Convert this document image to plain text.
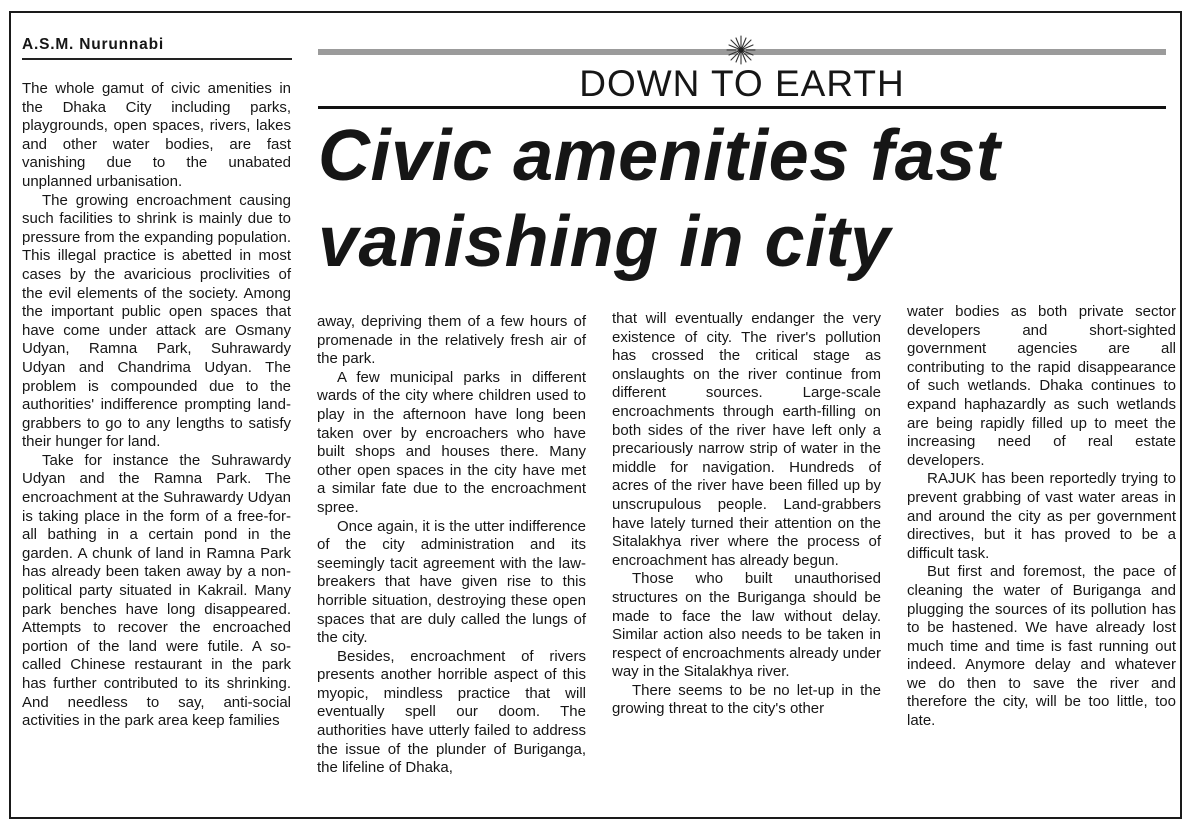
A.S.M. Nurunnabi
DOWN TO EARTH
Civic amenities fast
vanishing in city

The whole gamut of civic amenities in the Dhaka City including parks, playgrounds, open spaces, rivers, lakes and other water bodies, are fast vanishing due to the unabated unplanned urbanisation.

The growing encroachment causing such facilities to shrink is mainly due to pressure from the expanding population. This illegal practice is abetted in most cases by the avaricious proclivities of the evil elements of the society. Among the important public open spaces that have come under attack are Osmany Udyan, Ramna Park, Suhrawardy Udyan and Chandrima Udyan. The problem is compounded due to the authorities' indifference prompting land-grabbers to go to any lengths to satisfy their hunger for land.

Take for instance the Suhrawardy Udyan and the Ramna Park. The encroachment at the Suhrawardy Udyan is taking place in the form of a free-for-all bathing in a certain pond in the garden. A chunk of land in Ramna Park has already been taken away by a non-political party situated in Kakrail. Many park benches have long disappeared. Attempts to recover the encroached portion of the land were futile. A so-called Chinese restaurant in the park has further contributed to its shrinking. And needless to say, anti-social activities in the park area keep families

away, depriving them of a few hours of promenade in the relatively fresh air of the park.

A few municipal parks in different wards of the city where children used to play in the afternoon have long been taken over by encroachers who have built shops and houses there. Many other open spaces in the city have met a similar fate due to the encroachment spree.

Once again, it is the utter indifference of the city administration and its seemingly tacit agreement with the law-breakers that have given rise to this horrible situation, destroying these open spaces that are duly called the lungs of the city.

Besides, encroachment of rivers presents another horrible aspect of this myopic, mindless practice that will eventually spell our doom. The authorities have utterly failed to address the issue of the plunder of Buriganga, the lifeline of Dhaka,

that will eventually endanger the very existence of city. The river's pollution has crossed the critical stage as onslaughts on the river continue from different sources. Large-scale encroachments through earth-filling on both sides of the river have left only a precariously narrow strip of water in the middle for navigation. Hundreds of acres of the river have been filled up by unscrupulous people. Land-grabbers have lately turned their attention on the Sitalakhya river where the process of encroachment has already begun.

Those who built unauthorised structures on the Buriganga should be made to face the law without delay. Similar action also needs to be taken in respect of encroachments already under way in the Sitalakhya river.

There seems to be no let-up in the growing threat to the city's other

water bodies as both private sector developers and short-sighted government agencies are all contributing to the rapid disappearance of such wetlands. Dhaka continues to expand haphazardly as such wetlands are being rapidly filled up to meet the increasing need of real estate developers.

RAJUK has been reportedly trying to prevent grabbing of vast water areas in and around the city as per government directives, but it has proved to be a difficult task.

But first and foremost, the pace of cleaning the water of Buriganga and plugging the sources of its pollution has to be hastened. We have already lost much time and time is fast running out indeed. Anymore delay and whatever we do then to save the river and therefore the city, will be too little, too late.
